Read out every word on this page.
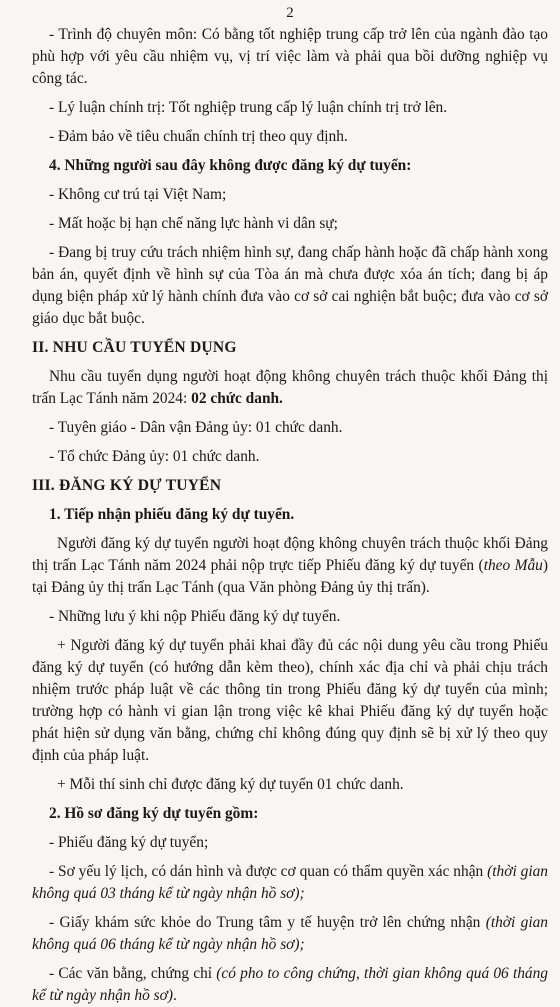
2

- Trình độ chuyên môn: Có bằng tốt nghiệp trung cấp trở lên của ngành đào tạo phù hợp với yêu cầu nhiệm vụ, vị trí việc làm và phải qua bồi dưỡng nghiệp vụ công tác.

- Lý luận chính trị: Tốt nghiệp trung cấp lý luận chính trị trở lên.

- Đảm bảo về tiêu chuẩn chính trị theo quy định.

4. Những người sau đây không được đăng ký dự tuyển:

- Không cư trú tại Việt Nam;

- Mất hoặc bị hạn chế năng lực hành vi dân sự;

- Đang bị truy cứu trách nhiệm hình sự, đang chấp hành hoặc đã chấp hành xong bản án, quyết định về hình sự của Tòa án mà chưa được xóa án tích; đang bị áp dụng biện pháp xử lý hành chính đưa vào cơ sở cai nghiện bắt buộc; đưa vào cơ sở giáo dục bắt buộc.

II. NHU CẦU TUYỂN DỤNG

Nhu cầu tuyển dụng người hoạt động không chuyên trách thuộc khối Đảng thị trấn Lạc Tánh năm 2024: 02 chức danh.

- Tuyên giáo - Dân vận Đảng ủy: 01 chức danh.

- Tổ chức Đảng ủy: 01 chức danh.

III. ĐĂNG KÝ DỰ TUYỂN

1. Tiếp nhận phiếu đăng ký dự tuyển.

Người đăng ký dự tuyển người hoạt động không chuyên trách thuộc khối Đảng thị trấn Lạc Tánh năm 2024 phải nộp trực tiếp Phiếu đăng ký dự tuyển (theo Mẫu) tại Đảng ủy thị trấn Lạc Tánh (qua Văn phòng Đảng ủy thị trấn).

- Những lưu ý khi nộp Phiếu đăng ký dự tuyển.

+ Người đăng ký dự tuyển phải khai đầy đủ các nội dung yêu cầu trong Phiếu đăng ký dự tuyển (có hướng dẫn kèm theo), chính xác địa chỉ và phải chịu trách nhiệm trước pháp luật về các thông tin trong Phiếu đăng ký dự tuyển của mình; trường hợp có hành vi gian lận trong việc kê khai Phiếu đăng ký dự tuyển hoặc phát hiện sử dụng văn bằng, chứng chỉ không đúng quy định sẽ bị xử lý theo quy định của pháp luật.

+ Mỗi thí sinh chỉ được đăng ký dự tuyển 01 chức danh.

2. Hồ sơ đăng ký dự tuyển gồm:

- Phiếu đăng ký dự tuyển;

- Sơ yếu lý lịch, có dán hình và được cơ quan có thẩm quyền xác nhận (thời gian không quá 03 tháng kể từ ngày nhận hồ sơ);

- Giấy khám sức khỏe do Trung tâm y tế huyện trở lên chứng nhận (thời gian không quá 06 tháng kể từ ngày nhận hồ sơ);

- Các văn bằng, chứng chỉ (có pho to công chứng, thời gian không quá 06 tháng kể từ ngày nhận hồ sơ).
